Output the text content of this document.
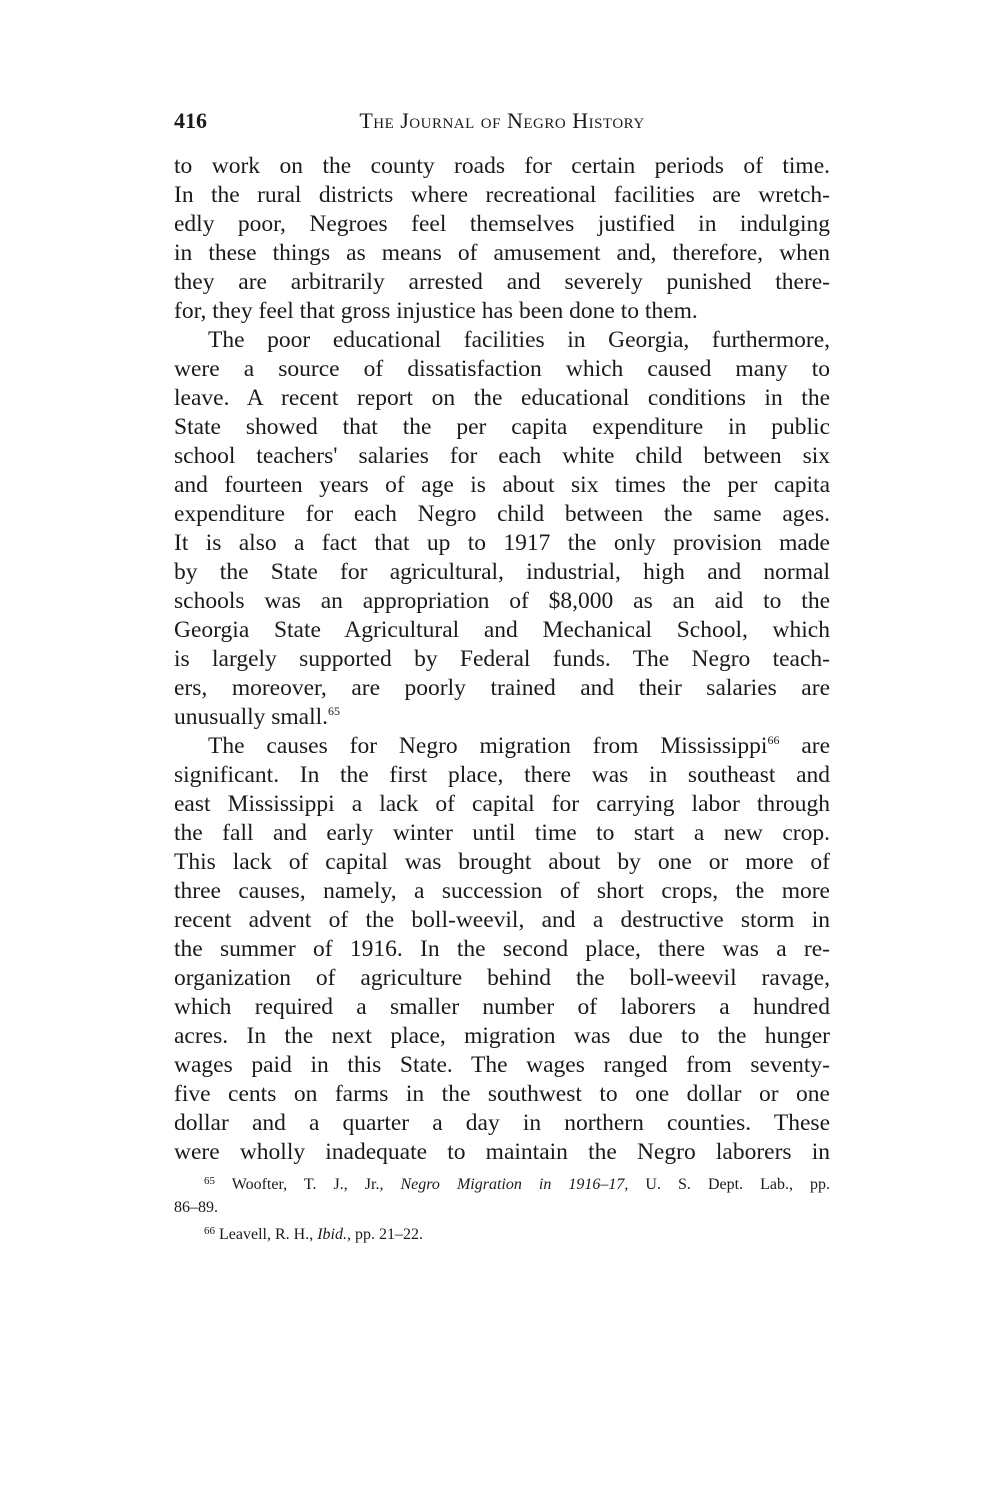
416	The Journal of Negro History
to work on the county roads for certain periods of time.
In the rural districts where recreational facilities are wretch-
edly poor, Negroes feel themselves justified in indulging
in these things as means of amusement and, therefore, when
they are arbitrarily arrested and severely punished there-
for, they feel that gross injustice has been done to them.
The poor educational facilities in Georgia, furthermore,
were a source of dissatisfaction which caused many to
leave. A recent report on the educational conditions in the
State showed that the per capita expenditure in public
school teachers' salaries for each white child between six
and fourteen years of age is about six times the per capita
expenditure for each Negro child between the same ages.
It is also a fact that up to 1917 the only provision made
by the State for agricultural, industrial, high and normal
schools was an appropriation of $8,000 as an aid to the
Georgia State Agricultural and Mechanical School, which
is largely supported by Federal funds. The Negro teach-
ers, moreover, are poorly trained and their salaries are
unusually small.$^{65}$
The causes for Negro migration from Mississippi$^{66}$ are
significant. In the first place, there was in southeast and
east Mississippi a lack of capital for carrying labor through
the fall and early winter until time to start a new crop.
This lack of capital was brought about by one or more of
three causes, namely, a succession of short crops, the more
recent advent of the boll-weevil, and a destructive storm in
the summer of 1916. In the second place, there was a re-
organization of agriculture behind the boll-weevil ravage,
which required a smaller number of laborers a hundred
acres. In the next place, migration was due to the hunger
wages paid in this State. The wages ranged from seventy-
five cents on farms in the southwest to one dollar or one
dollar and a quarter a day in northern counties. These
were wholly inadequate to maintain the Negro laborers in
$^{65}$ Woofter, T. J., Jr., Negro Migration in 1916–17, U. S. Dept. Lab., pp.
86–89.
$^{66}$ Leavell, R. H., Ibid., pp. 21–22.
